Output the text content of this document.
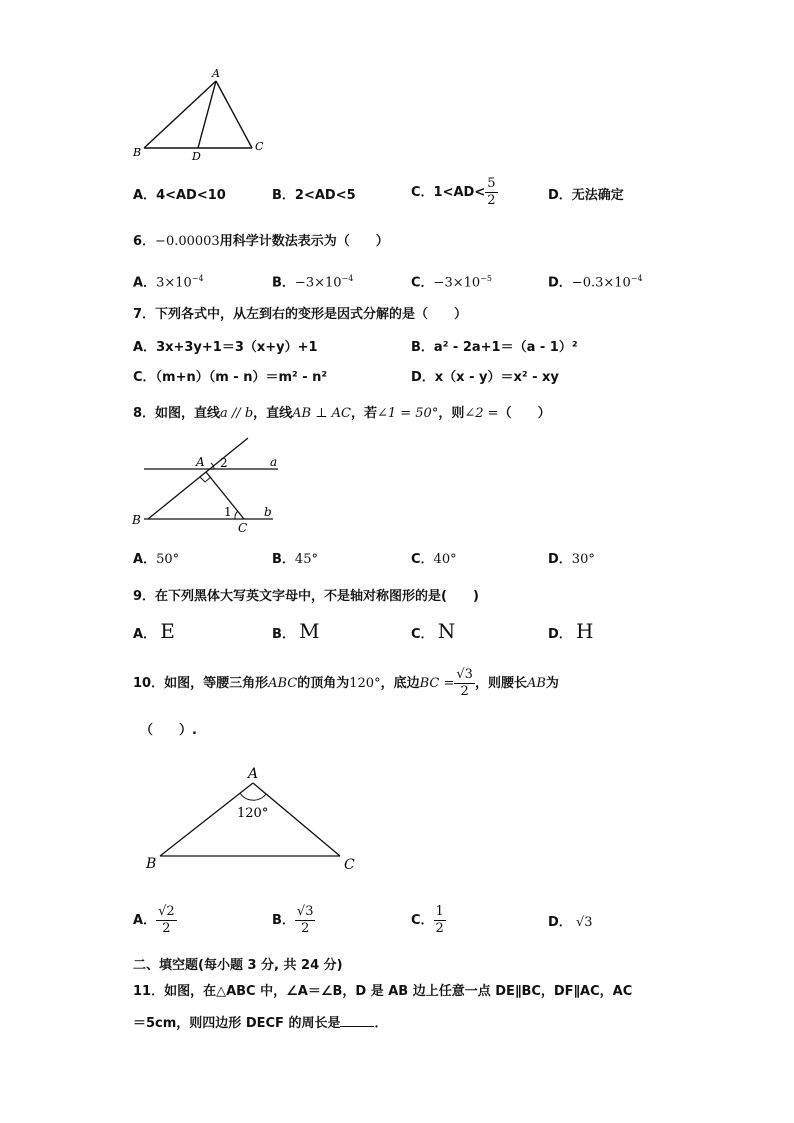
A
B	D
C
A．4<AD<10	B．2<AD<5	C．$1<AD< \frac{5}{2}$	D．无法确定
6．−0.00003用科学计数法表示为（　　）
A．$3\times 10^{-4}$	B．$-3\times 10^{-4}$	C．$-3\times 10^{-5}$	D．$-0.3\times 10^{-4}$
7．下列各式中，从左到右的变形是因式分解的是（　　）
A．3x+3y+1＝3（x+y）+1	B．a² - 2a+1＝（a - 1）²
C．（m+n）（m - n）＝m² - n²	D．x（x - y）＝x² - xy
8．如图，直线a // b，直线AB ⊥ AC，若∠1 = 50°，则∠2 =（　　）
A 2	a
B
1	b
C
A．50°	B．45°	C．40°	D．30°
9．在下列黑体大写英文字母中，不是轴对称图形的是(　　)
A． E	B． M	C． N	D． H
10．如图，等腰三角形ABC的顶角为120°，底边BC = $\frac{√3}{2}$ ，则腰长AB为
（　　）.
A
120°
B	C
A． $\frac{√2}{2}$	B． $\frac{√3}{2}$	C． $\frac{1}{2}$	D． √3
二、填空题(每小题 3 分, 共 24 分)
11．如图，在△ABC 中，∠A＝∠B，D 是 AB 边上任意一点 DE∥BC，DF∥AC，AC
＝5cm，则四边形 DECF 的周长是	．
